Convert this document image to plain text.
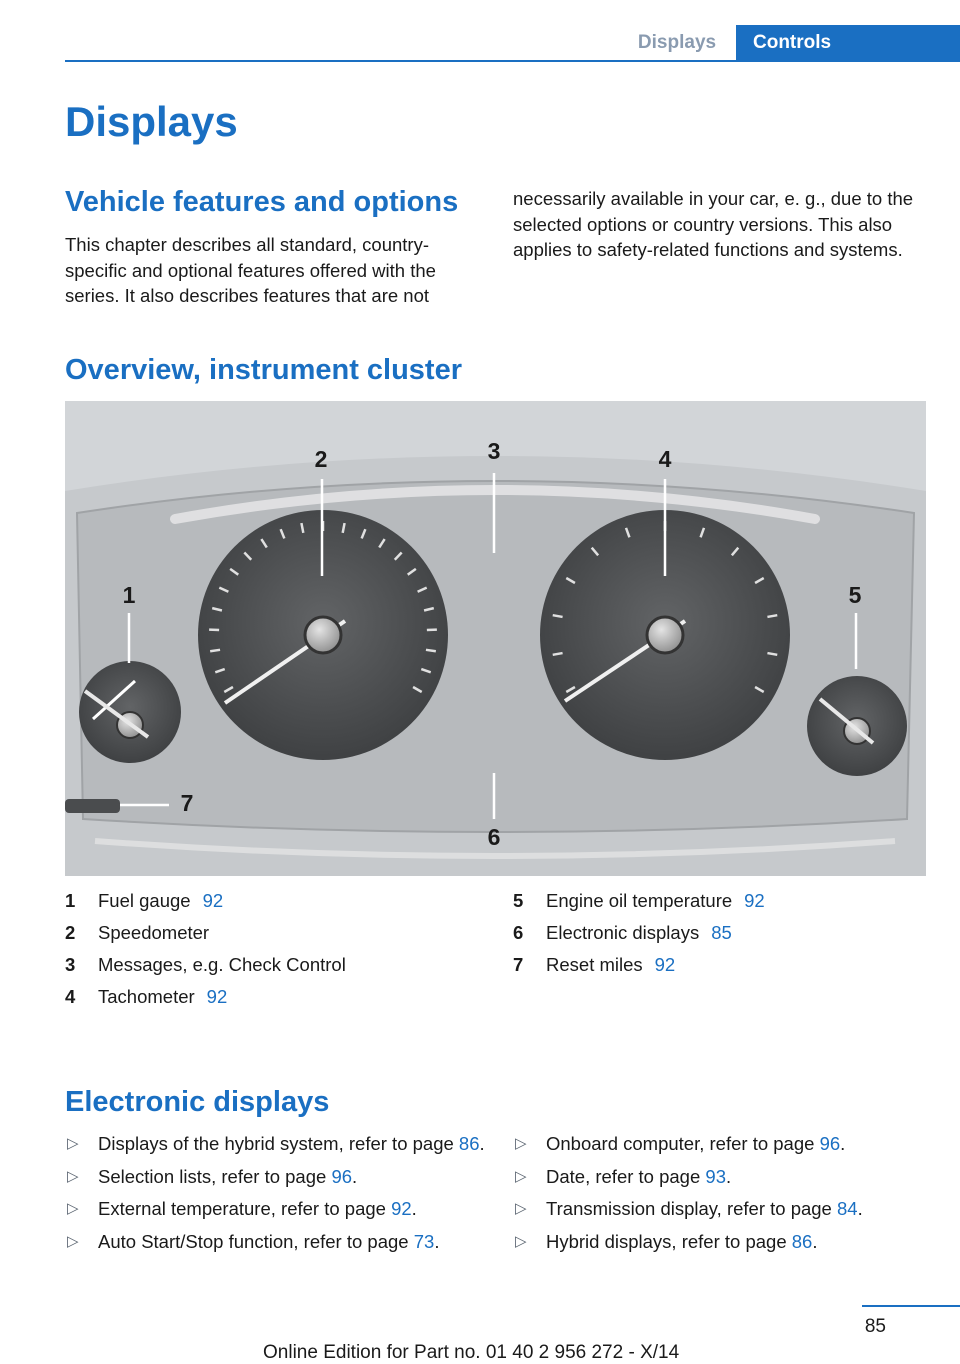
Displays	Controls
Displays
Vehicle features and options

This chapter describes all standard, country-specific and optional features offered with the series. It also describes features that are not

necessarily available in your car, e. g., due to the selected options or country versions. This also applies to safety-related functions and systems.

Overview, instrument cluster
1
2	3	4
5
6
7
1 Fuel gauge 92
2 Speedometer
3 Messages, e.g. Check Control
4 Tachometer 92
5 Engine oil temperature 92
6 Electronic displays 85
7 Reset miles 92
Electronic displays
▷ Displays of the hybrid system, refer to page 86.
▷ Selection lists, refer to page 96.
▷ External temperature, refer to page 92.
▷ Auto Start/Stop function, refer to page 73.
▷ Onboard computer, refer to page 96.
▷ Date, refer to page 93.
▷ Transmission display, refer to page 84.
▷ Hybrid displays, refer to page 86.
85
Online Edition for Part no. 01 40 2 956 272 - X/14
